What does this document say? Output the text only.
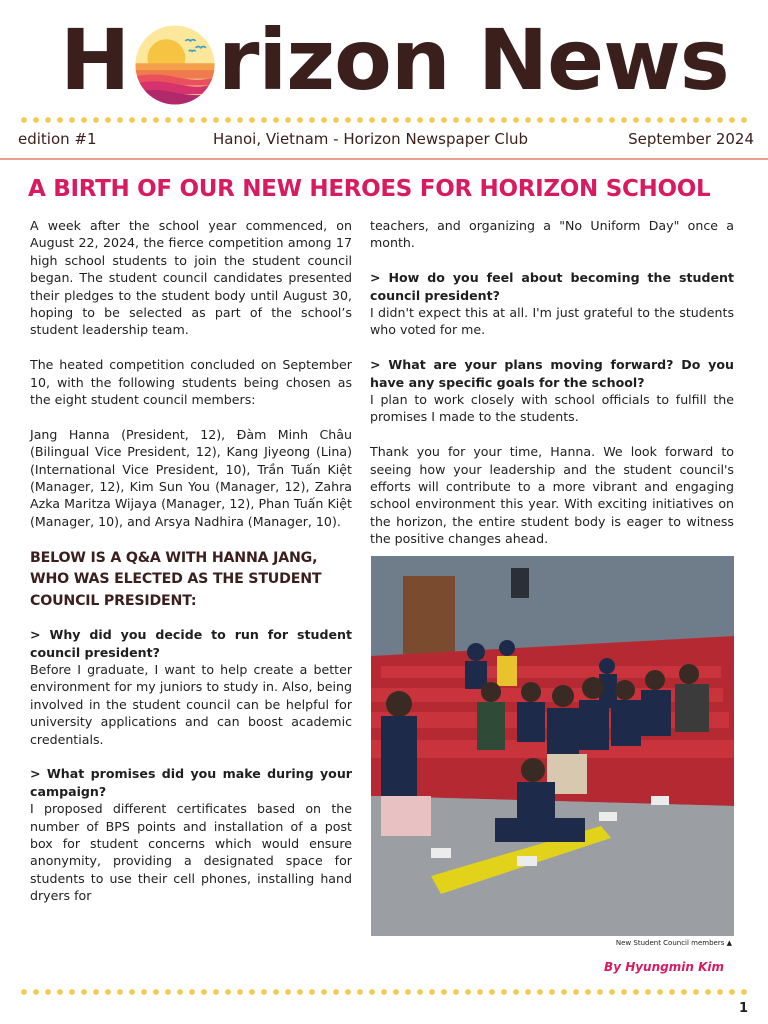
H rizon News
edition #1	Hanoi, Vietnam - Horizon Newspaper Club	September 2024
A BIRTH OF OUR NEW HEROES FOR HORIZON SCHOOL

A week after the school year commenced, on August 22, 2024, the fierce competition among 17 high school students to join the student council began. The student council candidates presented their pledges to the student body until August 30, hoping to be selected as part of the school’s student leadership team.

The heated competition concluded on September 10, with the following students being chosen as the eight student council members:

Jang Hanna (President, 12), Đàm Minh Châu (Bilingual Vice President, 12), Kang Jiyeong (Lina) (International Vice President, 10), Trần Tuấn Kiệt (Manager, 12), Kim Sun You (Manager, 12), Zahra Azka Maritza Wijaya (Manager, 12), Phan Tuấn Kiệt (Manager, 10), and Arsya Nadhira (Manager, 10).

BELOW IS A Q&A WITH HANNA JANG, WHO WAS ELECTED AS THE STUDENT COUNCIL PRESIDENT:

> Why did you decide to run for student council president?

Before I graduate, I want to help create a better environment for my juniors to study in. Also, being involved in the student council can be helpful for university applications and can boost academic credentials.

> What promises did you make during your campaign?

I proposed different certificates based on the number of BPS points and installation of a post box for student concerns which would ensure anonymity, providing a designated space for students to use their cell phones, installing hand dryers for

teachers, and organizing a "No Uniform Day" once a month.

> How do you feel about becoming the student council president?

I didn't expect this at all. I'm just grateful to the students who voted for me.

> What are your plans moving forward? Do you have any specific goals for the school?

I plan to work closely with school officials to fulfill the promises I made to the students.

Thank you for your time, Hanna. We look forward to seeing how your leadership and the student council's efforts will contribute to a more vibrant and engaging school environment this year. With exciting initiatives on the horizon, the entire student body is eager to witness the positive changes ahead.

New Student Council members ▲
By Hyungmin Kim
1
